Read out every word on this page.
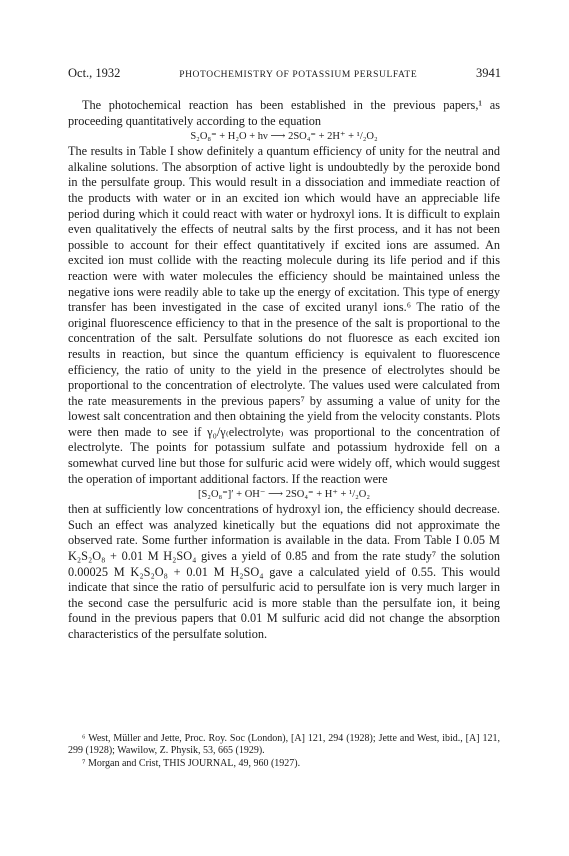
Oct., 1932	PHOTOCHEMISTRY OF POTASSIUM PERSULFATE	3941

The photochemical reaction has been established in the previous papers,¹ as proceeding quantitatively according to the equation

S₂O₈⁼ + H₂O + hν ⟶ 2SO₄⁼ + 2H⁺ + ¹/₂O₂

The results in Table I show definitely a quantum efficiency of unity for the neutral and alkaline solutions. The absorption of active light is undoubtedly by the peroxide bond in the persulfate group. This would result in a dissociation and immediate reaction of the products with water or in an excited ion which would have an appreciable life period during which it could react with water or hydroxyl ions. It is difficult to explain even qualitatively the effects of neutral salts by the first process, and it has not been possible to account for their effect quantitatively if excited ions are assumed. An excited ion must collide with the reacting molecule during its life period and if this reaction were with water molecules the efficiency should be maintained unless the negative ions were readily able to take up the energy of excitation. This type of energy transfer has been investigated in the case of excited uranyl ions.⁶ The ratio of the original fluorescence efficiency to that in the presence of the salt is proportional to the concentration of the salt. Persulfate solutions do not fluoresce as each excited ion results in reaction, but since the quantum efficiency is equivalent to fluorescence efficiency, the ratio of unity to the yield in the presence of electrolytes should be proportional to the concentration of electrolyte. The values used were calculated from the rate measurements in the previous papers⁷ by assuming a value of unity for the lowest salt concentration and then obtaining the yield from the velocity constants. Plots were then made to see if γ₀/γ₍electrolyte₎ was proportional to the concentration of electrolyte. The points for potassium sulfate and potassium hydroxide fell on a somewhat curved line but those for sulfuric acid were widely off, which would suggest the operation of important additional factors. If the reaction were

[S₂O₈⁼]′ + OH⁻ ⟶ 2SO₄⁼ + H⁺ + ¹/₂O₂

then at sufficiently low concentrations of hydroxyl ion, the efficiency should decrease. Such an effect was analyzed kinetically but the equations did not approximate the observed rate. Some further information is available in the data. From Table I 0.05 M K₂S₂O₈ + 0.01 M H₂SO₄ gives a yield of 0.85 and from the rate study⁷ the solution 0.00025 M K₂S₂O₈ + 0.01 M H₂SO₄ gave a calculated yield of 0.55. This would indicate that since the ratio of persulfuric acid to persulfate ion is very much larger in the second case the persulfuric acid is more stable than the persulfate ion, it being found in the previous papers that 0.01 M sulfuric acid did not change the absorption characteristics of the persulfate solution.

⁶ West, Müller and Jette, Proc. Roy. Soc (London), [A] 121, 294 (1928); Jette and West, ibid., [A] 121, 299 (1928); Wawilow, Z. Physik, 53, 665 (1929).

⁷ Morgan and Crist, THIS JOURNAL, 49, 960 (1927).
